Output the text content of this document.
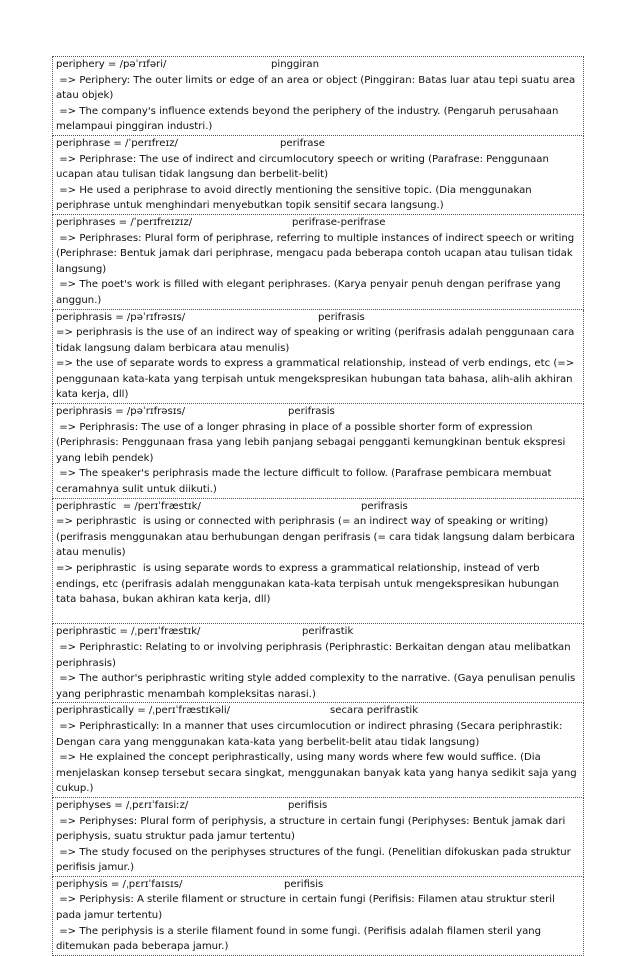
periphery = /pəˈrɪfəri/	pinggiran
=> Periphery: The outer limits or edge of an area or object (Pinggiran: Batas luar atau tepi suatu area atau objek)
=> The company's influence extends beyond the periphery of the industry. (Pengaruh perusahaan melampaui pinggiran industri.)
periphrase = /ˈperɪfreɪz/	perifrase
=> Periphrase: The use of indirect and circumlocutory speech or writing (Parafrase: Penggunaan ucapan atau tulisan tidak langsung dan berbelit-belit)
=> He used a periphrase to avoid directly mentioning the sensitive topic. (Dia menggunakan periphrase untuk menghindari menyebutkan topik sensitif secara langsung.)
periphrases = /ˈperɪfreɪzɪz/	perifrase-perifrase
=> Periphrases: Plural form of periphrase, referring to multiple instances of indirect speech or writing (Periphrase: Bentuk jamak dari periphrase, mengacu pada beberapa contoh ucapan atau tulisan tidak langsung)
=> The poet's work is filled with elegant periphrases. (Karya penyair penuh dengan perifrase yang anggun.)
periphrasis = /pəˈrɪfrəsɪs/	perifrasis
=> periphrasis is the use of an indirect way of speaking or writing (perifrasis adalah penggunaan cara tidak langsung dalam berbicara atau menulis)
=> the use of separate words to express a grammatical relationship, instead of verb endings, etc (=> penggunaan kata-kata yang terpisah untuk mengekspresikan hubungan tata bahasa, alih-alih akhiran kata kerja, dll)
periphrasis = /pəˈrɪfrəsɪs/	perifrasis
=> Periphrasis: The use of a longer phrasing in place of a possible shorter form of expression (Periphrasis: Penggunaan frasa yang lebih panjang sebagai pengganti kemungkinan bentuk ekspresi yang lebih pendek)
=> The speaker's periphrasis made the lecture difficult to follow. (Parafrase pembicara membuat ceramahnya sulit untuk diikuti.)
periphrastic  = /perɪˈfræstɪk/	perifrasis
=> periphrastic  is using or connected with periphrasis (= an indirect way of speaking or writing) (perifrasis menggunakan atau berhubungan dengan perifrasis (= cara tidak langsung dalam berbicara atau menulis)
=> periphrastic  is using separate words to express a grammatical relationship, instead of verb endings, etc (perifrasis adalah menggunakan kata-kata terpisah untuk mengekspresikan hubungan tata bahasa, bukan akhiran kata kerja, dll)

periphrastic = /ˌperɪˈfræstɪk/	perifrastik
=> Periphrastic: Relating to or involving periphrasis (Periphrastic: Berkaitan dengan atau melibatkan periphrasis)
=> The author's periphrastic writing style added complexity to the narrative. (Gaya penulisan penulis yang periphrastic menambah kompleksitas narasi.)
periphrastically = /ˌperɪˈfræstɪkəli/	secara perifrastik
=> Periphrastically: In a manner that uses circumlocution or indirect phrasing (Secara periphrastik: Dengan cara yang menggunakan kata-kata yang berbelit-belit atau tidak langsung)
=> He explained the concept periphrastically, using many words where few would suffice. (Dia menjelaskan konsep tersebut secara singkat, menggunakan banyak kata yang hanya sedikit saja yang cukup.)
periphyses = /ˌpɛrɪˈfaɪsiːz/	perifisis
=> Periphyses: Plural form of periphysis, a structure in certain fungi (Periphyses: Bentuk jamak dari periphysis, suatu struktur pada jamur tertentu)
=> The study focused on the periphyses structures of the fungi. (Penelitian difokuskan pada struktur perifisis jamur.)
periphysis = /ˌpɛrɪˈfaɪsɪs/	perifisis
=> Periphysis: A sterile filament or structure in certain fungi (Perifisis: Filamen atau struktur steril pada jamur tertentu)
=> The periphysis is a sterile filament found in some fungi. (Perifisis adalah filamen steril yang ditemukan pada beberapa jamur.)
